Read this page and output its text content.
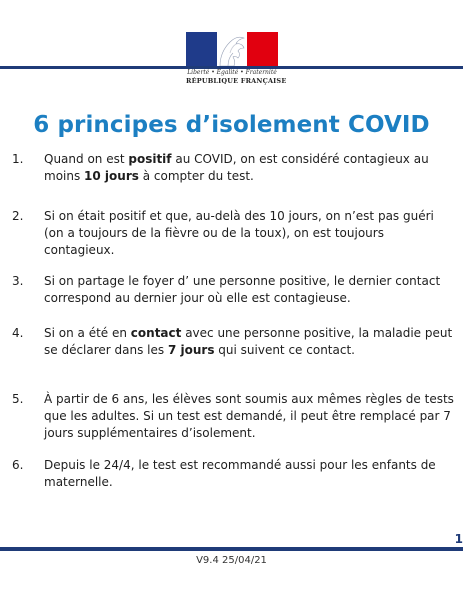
Liberté • Égalité • Fraternité
RÉPUBLIQUE FRANÇAISE
6 principes d’isolement COVID
1. Quand on est positif au COVID, on est considéré contagieux au moins 10 jours à compter du test.
2. Si on était positif et que, au-delà des 10 jours, on n’est pas guéri (on a toujours de la fièvre ou de la toux), on est toujours contagieux.
3. Si on partage le foyer d’ une personne positive, le dernier contact correspond au dernier jour où elle est contagieuse.
4. Si on a été en contact avec une personne positive, la maladie peut se déclarer dans les 7 jours qui suivent ce contact.
5. À partir de 6 ans, les élèves sont soumis aux mêmes règles de tests que les adultes. Si un test est demandé, il peut être remplacé par 7 jours supplémentaires d’isolement.
6. Depuis le 24/4, le test est recommandé aussi pour les enfants de maternelle.
1
V9.4 25/04/21
